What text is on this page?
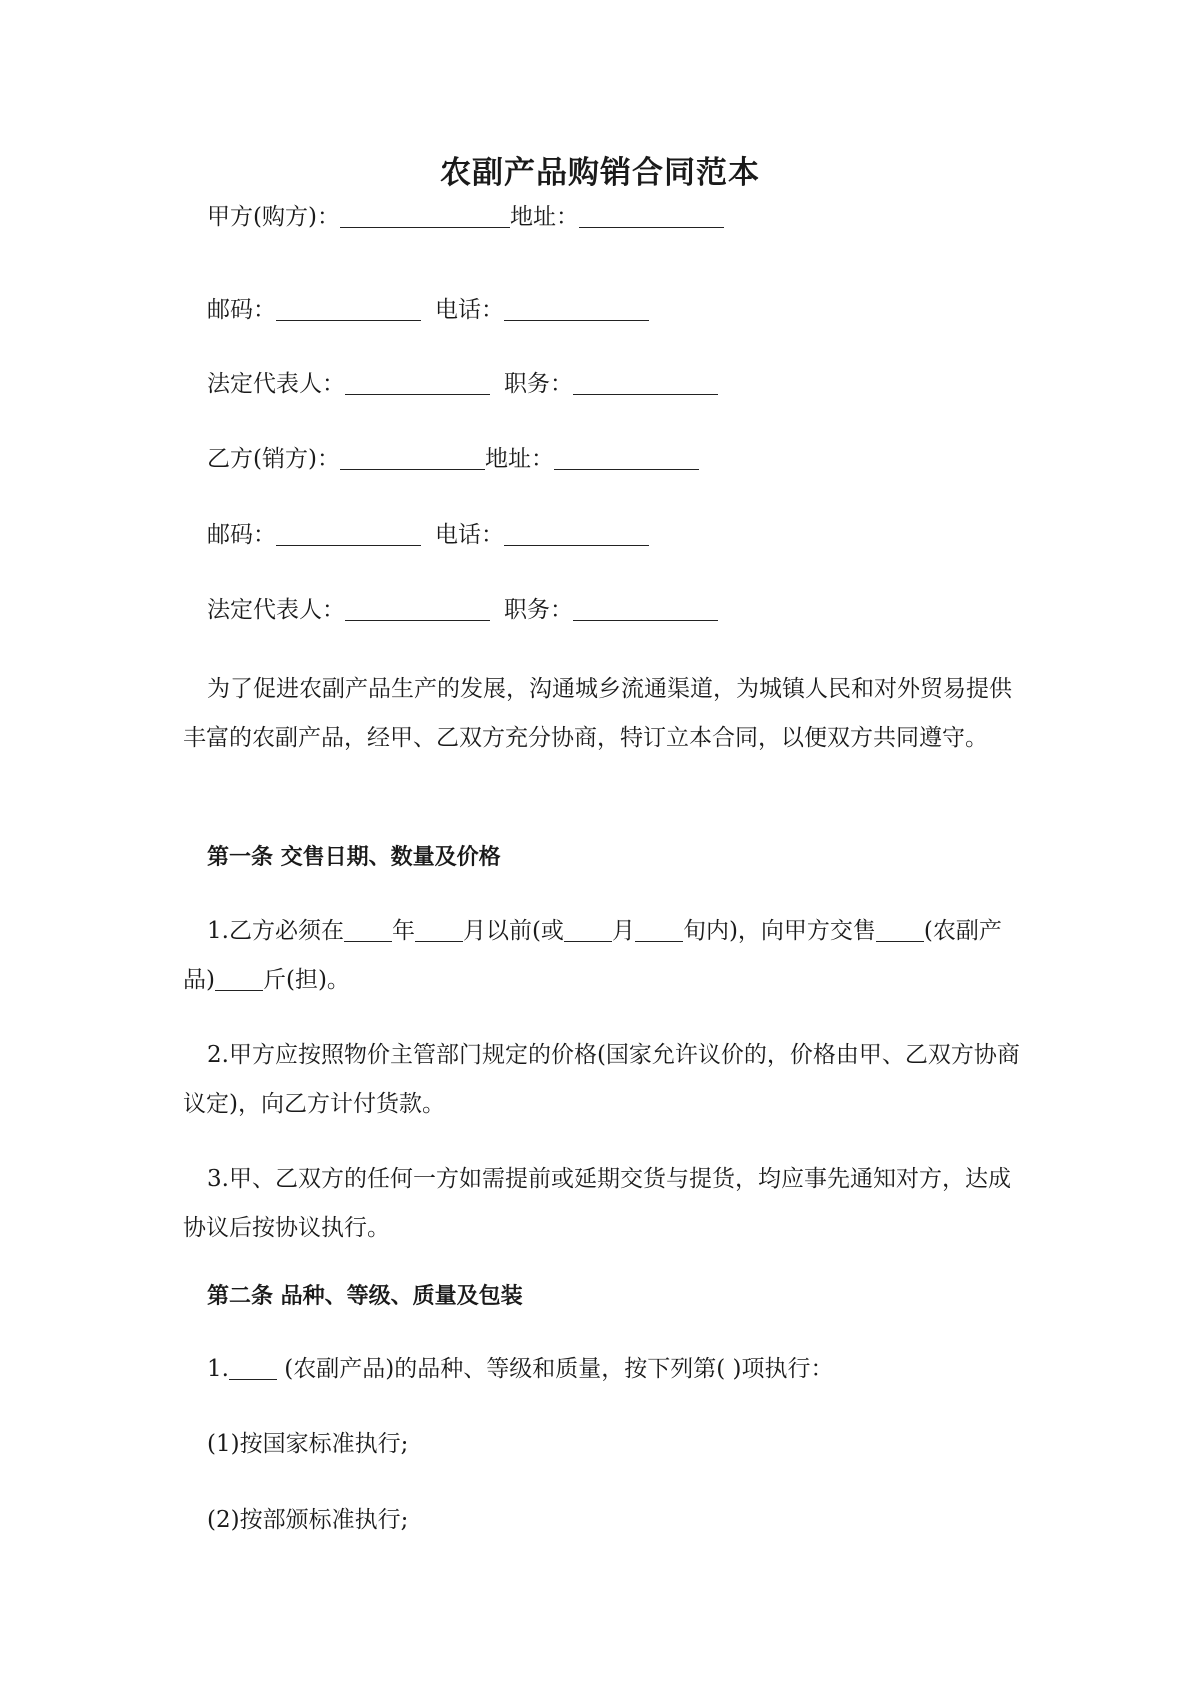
农副产品购销合同范本

甲方(购方)：	地址：

邮码：	电话：

法定代表人：	职务：

乙方(销方)：	地址：

邮码：	电话：

法定代表人：	职务：

为了促进农副产品生产的发展，沟通城乡流通渠道，为城镇人民和对外贸易提供丰富的农副产品，经甲、乙双方充分协商，特订立本合同，以便双方共同遵守。

第一条 交售日期、数量及价格

1.乙方必须在 年 月以前(或 月 旬内)，向甲方交售 (农副产品) 斤(担)。

2.甲方应按照物价主管部门规定的价格(国家允许议价的，价格由甲、乙双方协商议定)，向乙方计付货款。

3.甲、乙双方的任何一方如需提前或延期交货与提货，均应事先通知对方，达成协议后按协议执行。

第二条 品种、等级、质量及包装

1. (农副产品)的品种、等级和质量，按下列第( )项执行：

(1)按国家标准执行;

(2)按部颁标准执行;
